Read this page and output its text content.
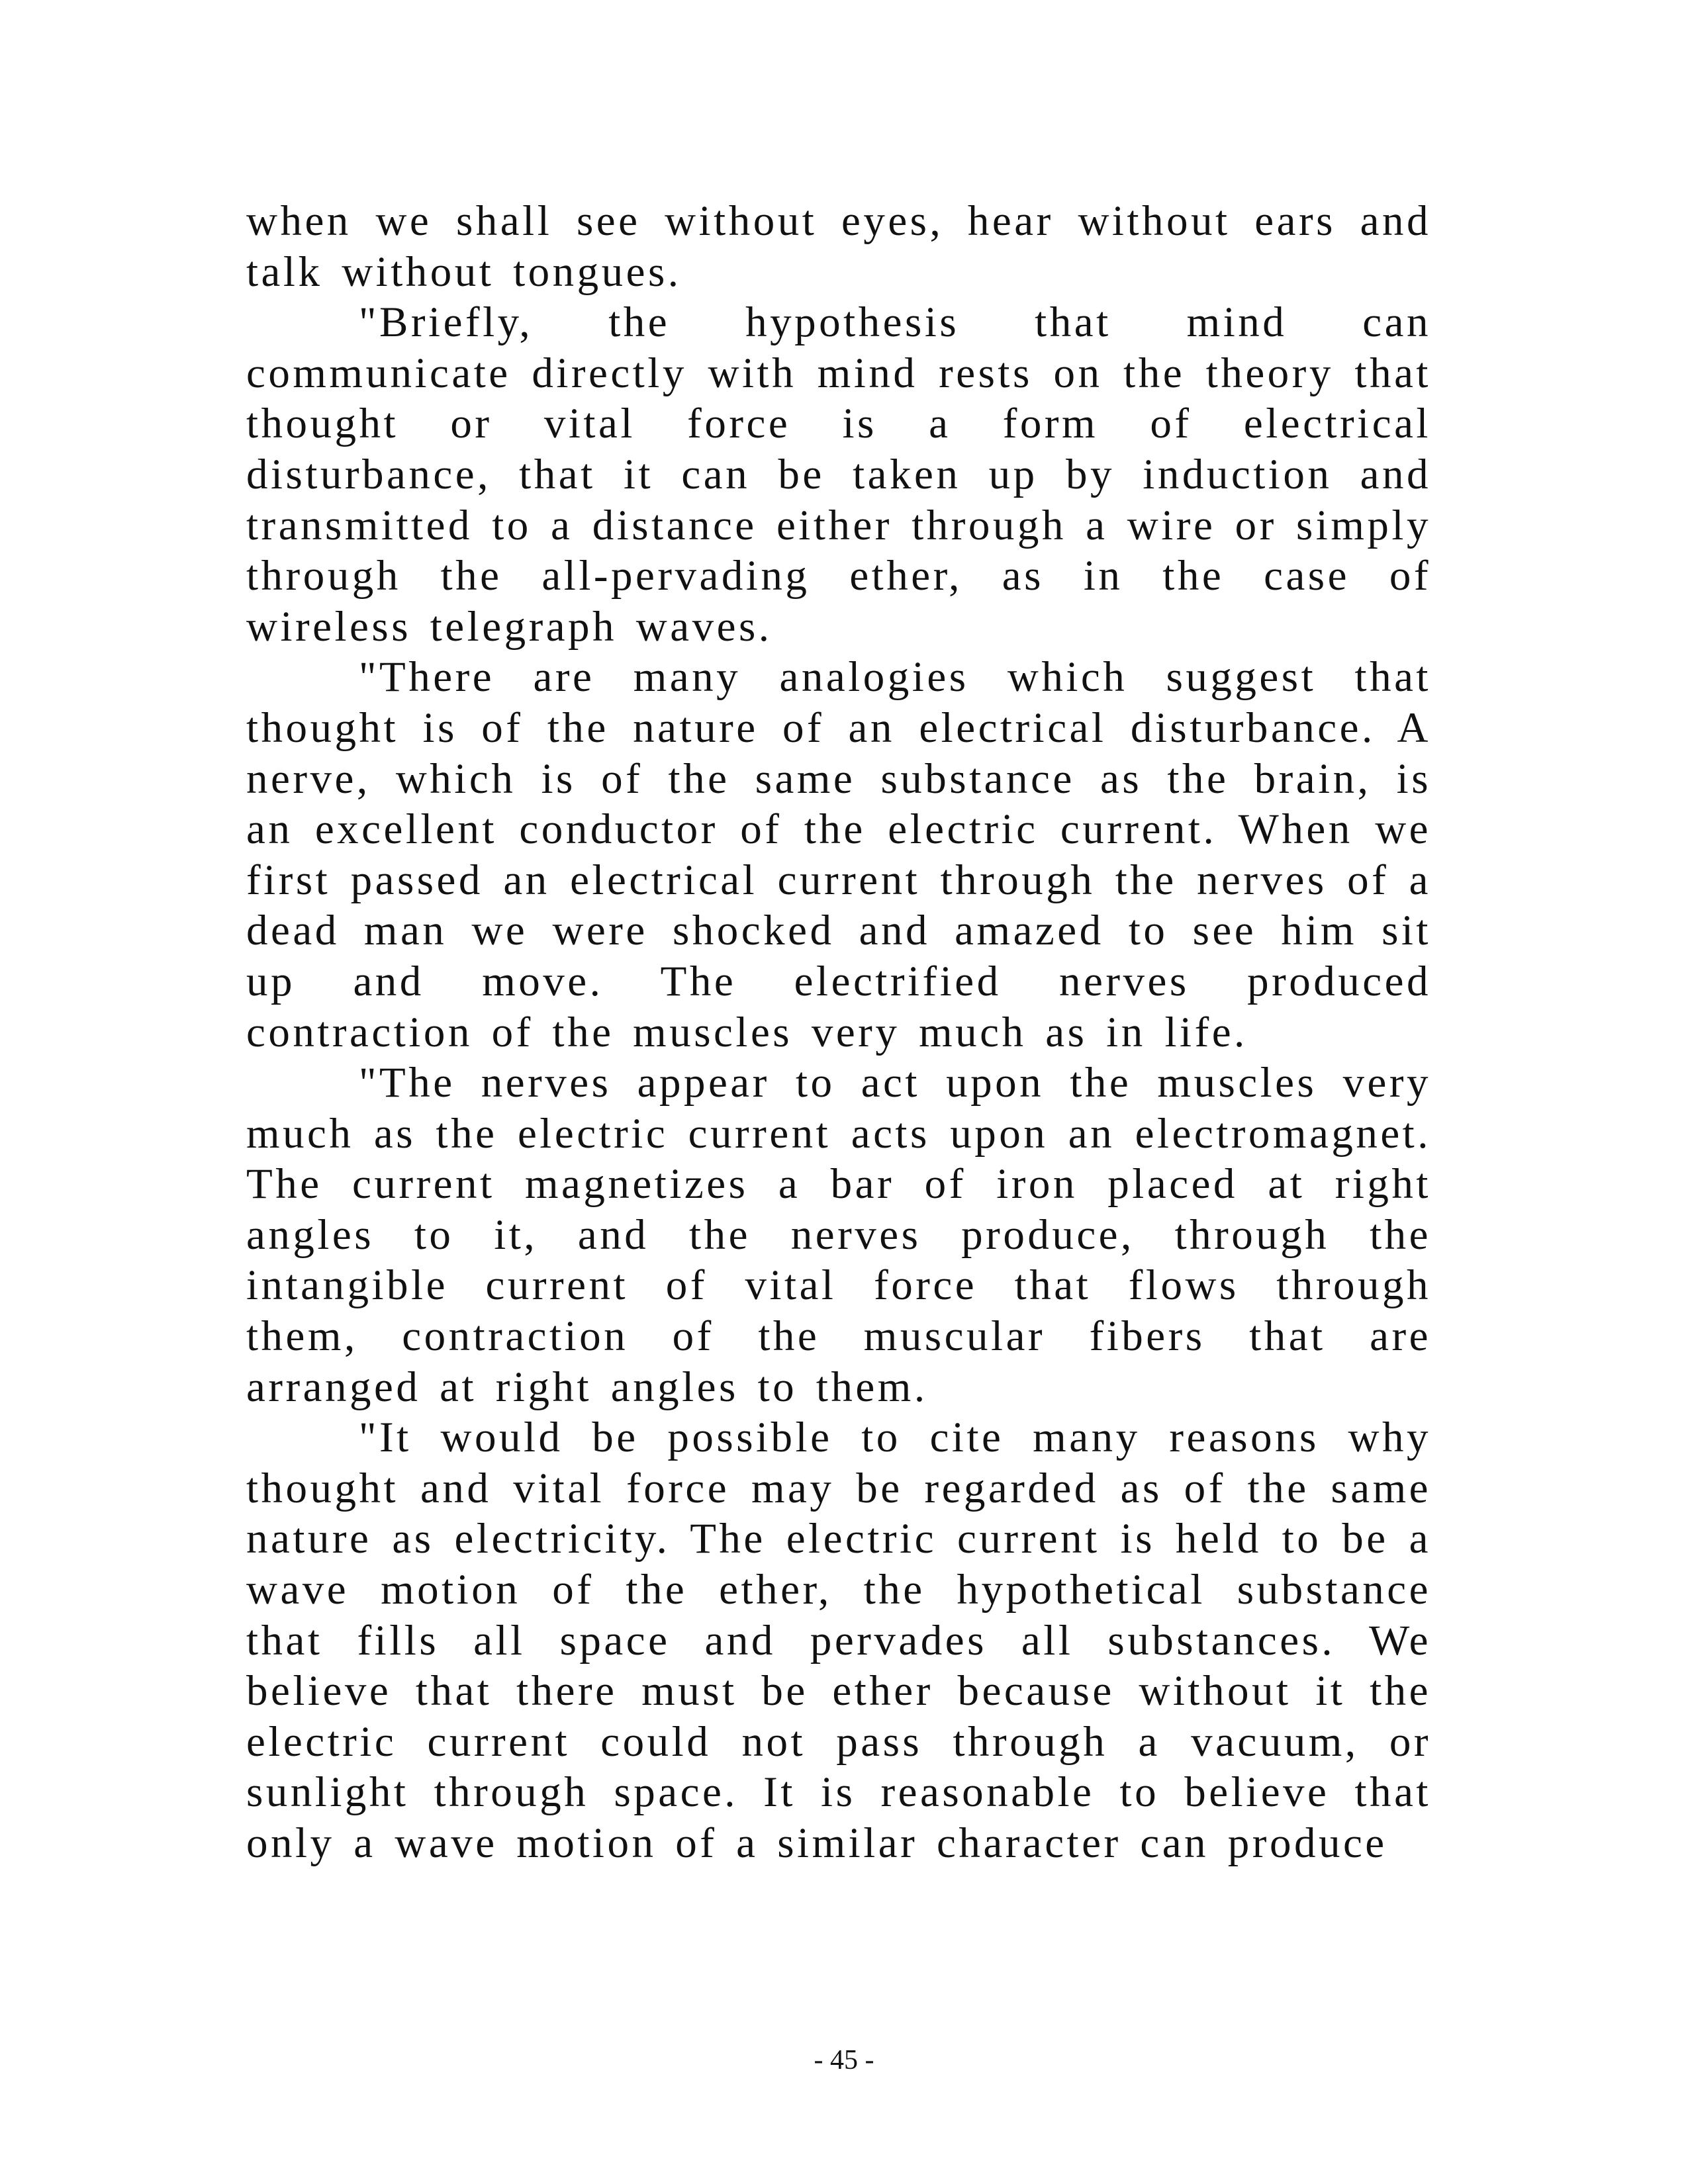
when we shall see without eyes, hear without ears and talk without tongues.

"Briefly, the hypothesis that mind can communicate directly with mind rests on the theory that thought or vital force is a form of electrical disturbance, that it can be taken up by induction and transmitted to a distance either through a wire or simply through the all-pervading ether, as in the case of wireless telegraph waves.

"There are many analogies which suggest that thought is of the nature of an electrical disturbance. A nerve, which is of the same substance as the brain, is an excellent conductor of the electric current. When we first passed an electrical current through the nerves of a dead man we were shocked and amazed to see him sit up and move. The electrified nerves produced contraction of the muscles very much as in life.

"The nerves appear to act upon the muscles very much as the electric current acts upon an electromagnet. The current magnetizes a bar of iron placed at right angles to it, and the nerves produce, through the intangible current of vital force that flows through them, contraction of the muscular fibers that are arranged at right angles to them.

"It would be possible to cite many reasons why thought and vital force may be regarded as of the same nature as electricity. The electric current is held to be a wave motion of the ether, the hypothetical substance that fills all space and pervades all substances. We believe that there must be ether because without it the electric current could not pass through a vacuum, or sunlight through space. It is reasonable to believe that only a wave motion of a similar character can produce

- 45 -
